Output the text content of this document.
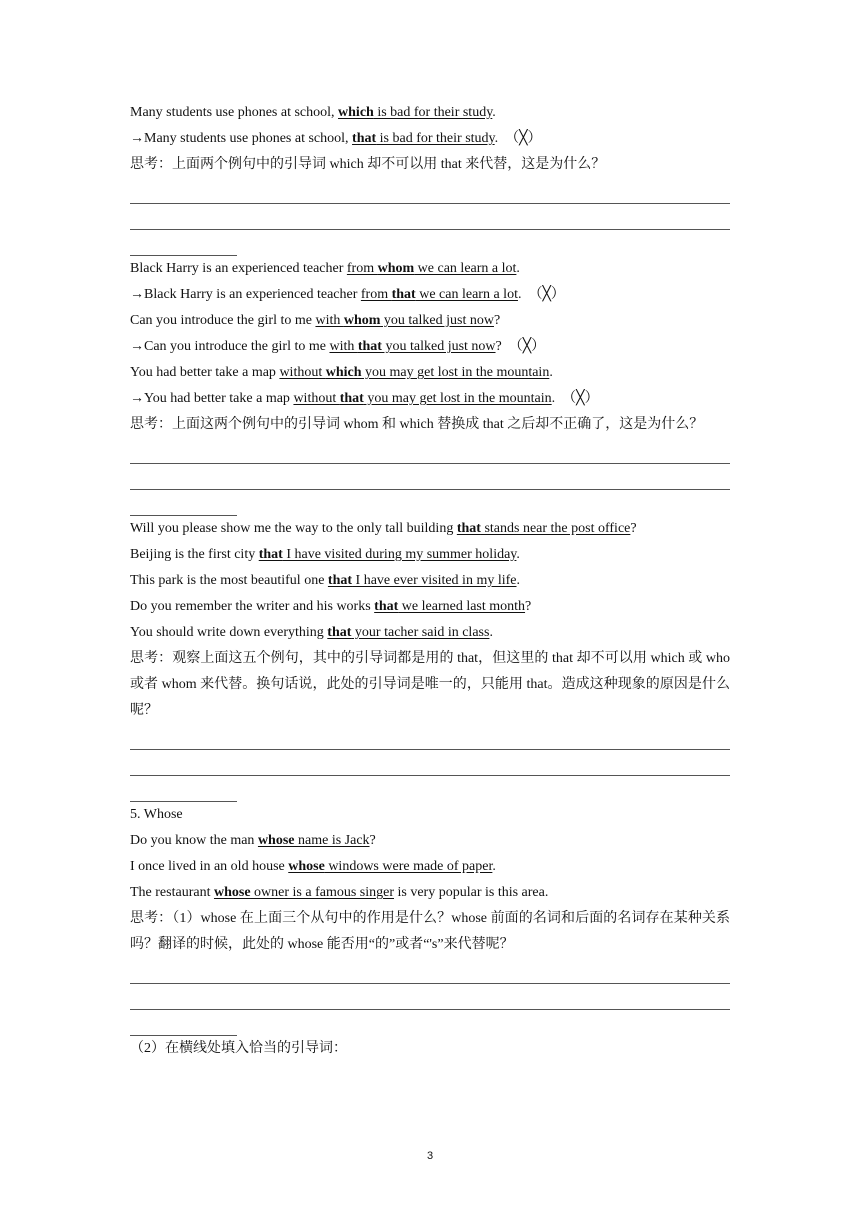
Many students use phones at school, which is bad for their study.
→Many students use phones at school, that is bad for their study. （╳）
思考：上面两个例句中的引导词 which 却不可以用 that 来代替，这是为什么？
Black Harry is an experienced teacher from whom we can learn a lot.
→Black Harry is an experienced teacher from that we can learn a lot. （╳）
Can you introduce the girl to me with whom you talked just now?
→Can you introduce the girl to me with that you talked just now? （╳）
You had better take a map without which you may get lost in the mountain.
→You had better take a map without that you may get lost in the mountain. （╳）
思考：上面这两个例句中的引导词 whom 和 which 替换成 that 之后却不正确了，这是为什么？
Will you please show me the way to the only tall building that stands near the post office?
Beijing is the first city that I have visited during my summer holiday.
This park is the most beautiful one that I have ever visited in my life.
Do you remember the writer and his works that we learned last month?
You should write down everything that your tacher said in class.
思考：观察上面这五个例句，其中的引导词都是用的 that，但这里的 that 却不可以用 which 或 who 或者 whom 来代替。换句话说，此处的引导词是唯一的，只能用 that。造成这种现象的原因是什么呢？
5. Whose
Do you know the man whose name is Jack?
I once lived in an old house whose windows were made of paper.
The restaurant whose owner is a famous singer is very popular is this area.
思考：（1）whose 在上面三个从句中的作用是什么？whose 前面的名词和后面的名词存在某种关系吗？翻译的时候，此处的 whose 能否用“的”或者“'s”来代替呢？
（2）在横线处填入恰当的引导词：
3
